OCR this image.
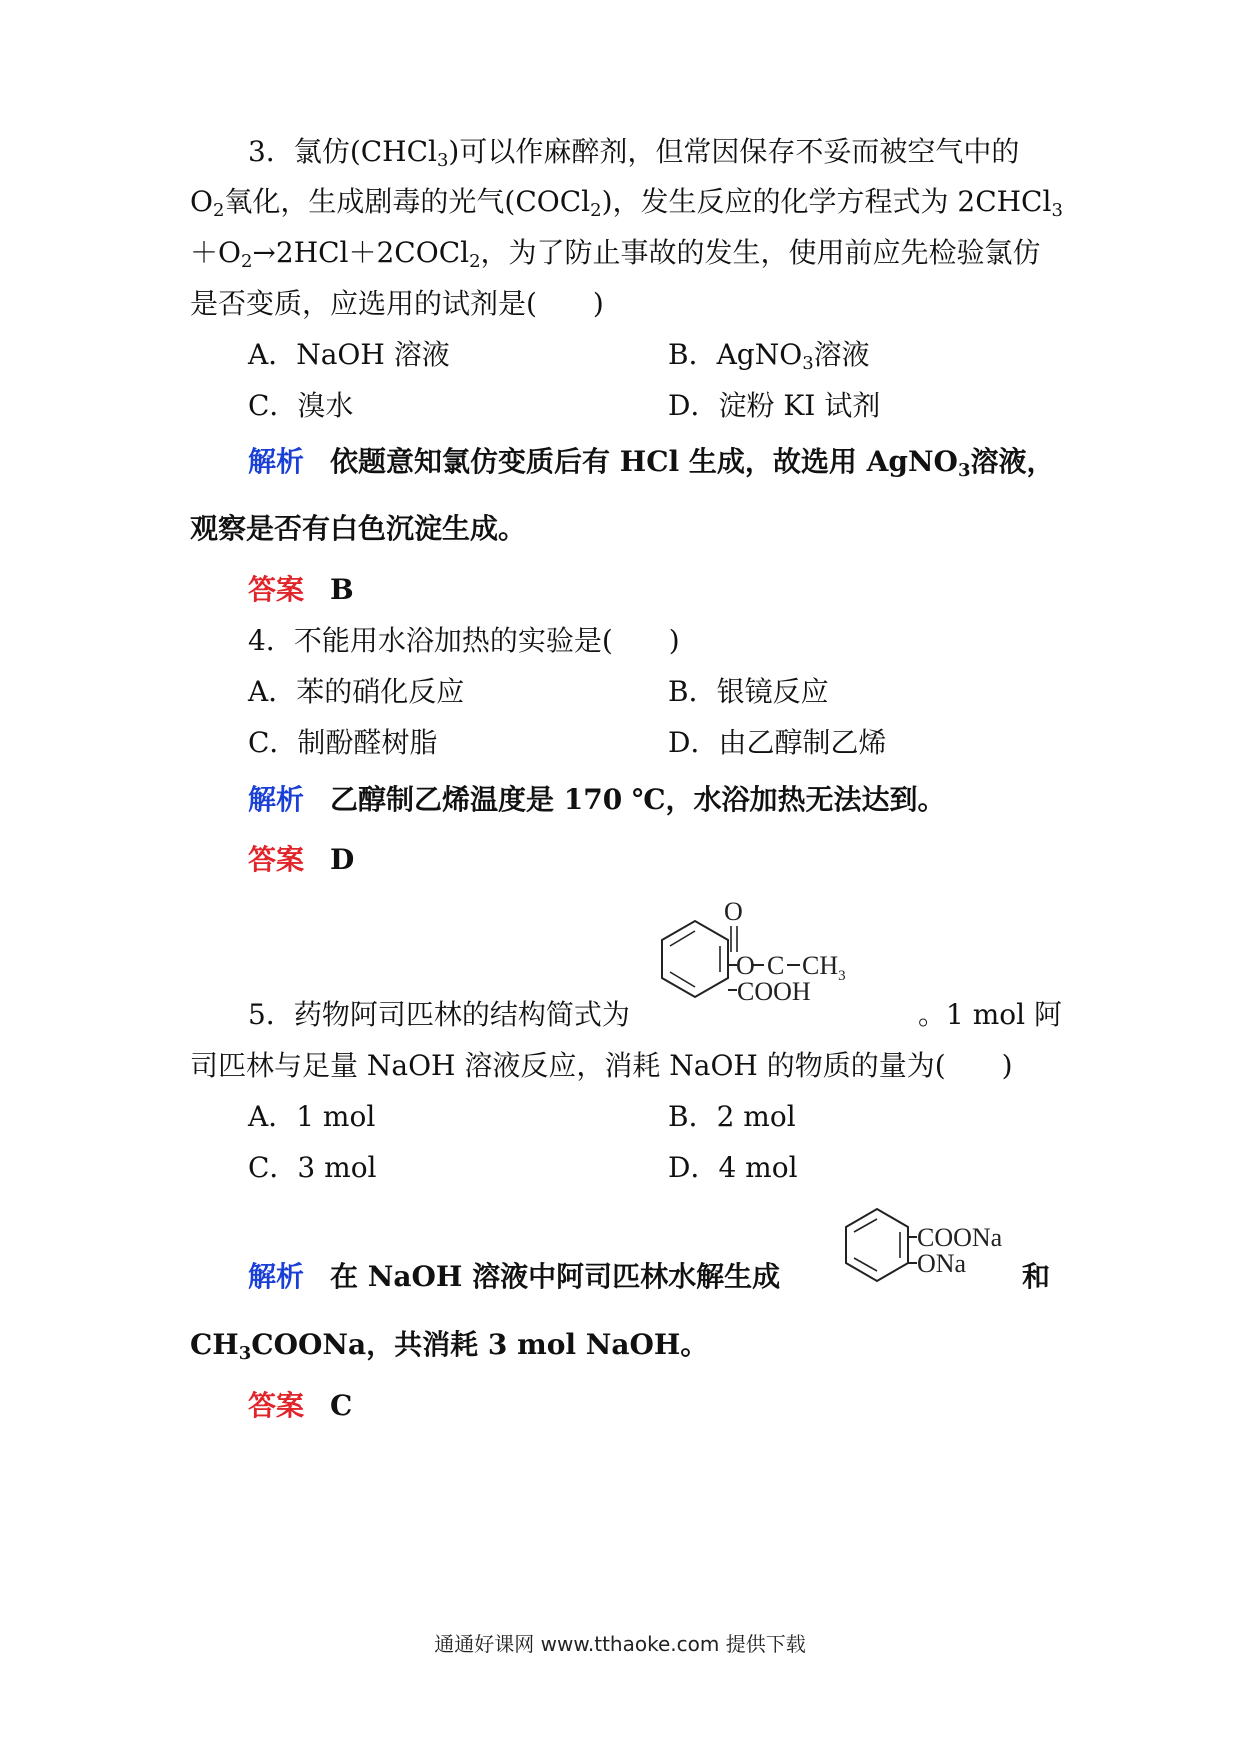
3．氯仿(CHCl$_3$)可以作麻醉剂，但常因保存不妥而被空气中的
$O_2$氧化，生成剧毒的光气(COCl$_2$)，发生反应的化学方程式为 2CHCl$_3$
$+O_2\to 2HCl+2COCl_2$，为了防止事故的发生，使用前应先检验氯仿
是否变质，应选用的试剂是(　　)
A．NaOH 溶液	B．AgNO$_3$溶液
C．溴水	D．淀粉 KI 试剂
解析 依题意知氯仿变质后有 HCl 生成，故选用 AgNO$_3$溶液，
观察是否有白色沉淀生成。
答案 B
4．不能用水浴加热的实验是(　　)
A．苯的硝化反应	B．银镜反应
C．制酚醛树脂	D．由乙醇制乙烯
解析 乙醇制乙烯温度是 170 ℃，水浴加热无法达到。
答案 D
O
O C $CH_3$
COOH
5．药物阿司匹林的结构简式为	。1 mol 阿
司匹林与足量 NaOH 溶液反应，消耗 NaOH 的物质的量为(　　)
A．1 mol	B．2 mol
C．3 mol	D．4 mol
COONa
ONa
解析 在 NaOH 溶液中阿司匹林水解生成	和
$CH_3COONa$，共消耗 3 mol NaOH。
答案 C
通通好课网 www.tthaoke.com 提供下载
